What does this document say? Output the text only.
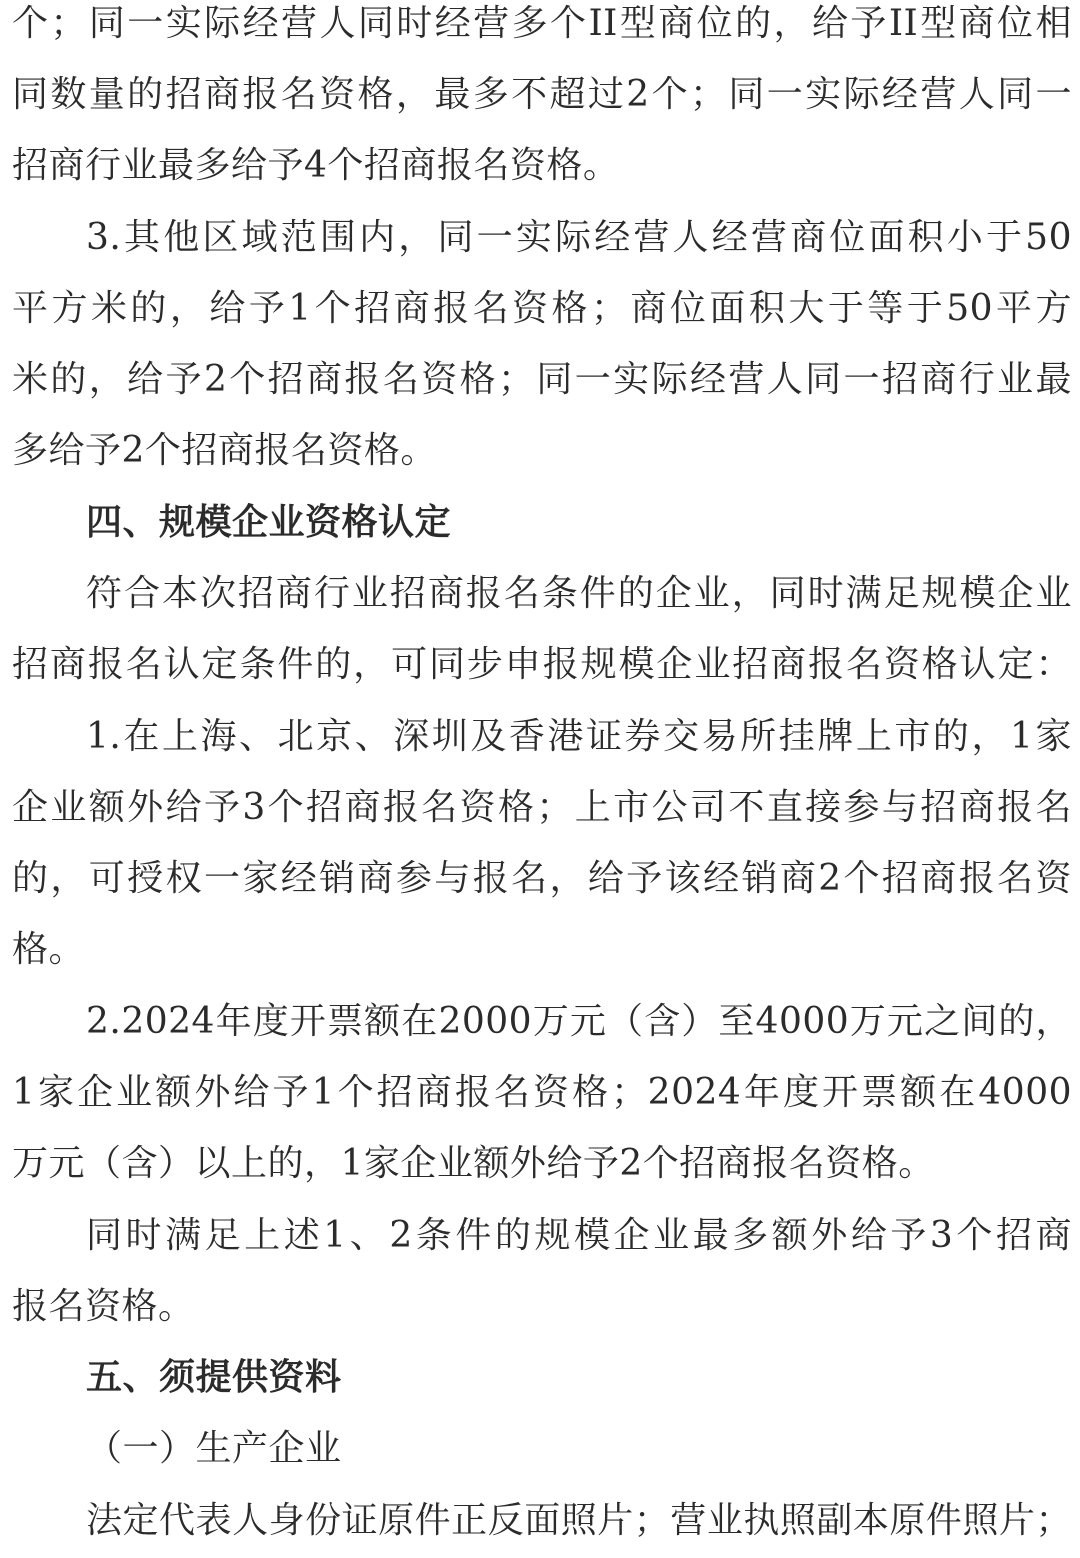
个；同一实际经营人同时经营多个II型商位的，给予II型商位相
同数量的招商报名资格，最多不超过2个；同一实际经营人同一
招商行业最多给予4个招商报名资格。
3.其他区域范围内，同一实际经营人经营商位面积小于50
平方米的，给予1个招商报名资格；商位面积大于等于50平方
米的，给予2个招商报名资格；同一实际经营人同一招商行业最
多给予2个招商报名资格。
四、规模企业资格认定
符合本次招商行业招商报名条件的企业，同时满足规模企业
招商报名认定条件的，可同步申报规模企业招商报名资格认定：
1.在上海、北京、深圳及香港证券交易所挂牌上市的，1家
企业额外给予3个招商报名资格；上市公司不直接参与招商报名
的，可授权一家经销商参与报名，给予该经销商2个招商报名资
格。
2.2024年度开票额在2000万元（含）至4000万元之间的，
1家企业额外给予1个招商报名资格；2024年度开票额在4000
万元（含）以上的，1家企业额外给予2个招商报名资格。
同时满足上述1、2条件的规模企业最多额外给予3个招商
报名资格。
五、须提供资料
（一）生产企业
法定代表人身份证原件正反面照片；营业执照副本原件照片；
